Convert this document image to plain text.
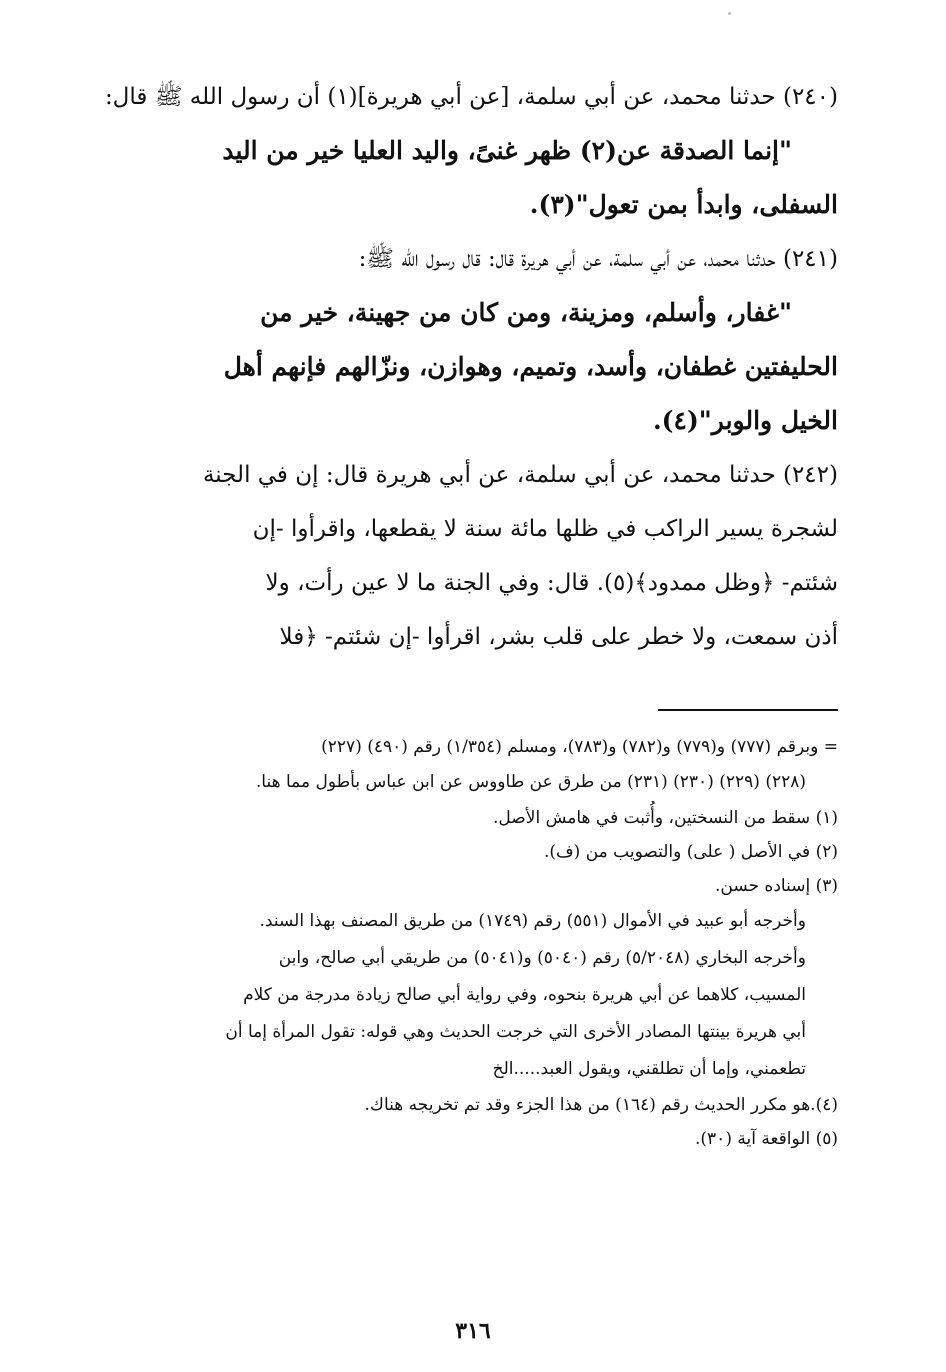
(٢٤٠) حدثنا محمد، عن أبي سلمة، [عن أبي هريرة](١) أن رسول الله ﷺ قال:
"إنما الصدقة عن(٢) ظهر غنىً، واليد العليا خير من اليد
السفلى، وابدأ بمن تعول"(٣).
(٢٤١) حدثنا محمد، عن أبي سلمة، عن أبي هريرة قال: قال رسول الله ﷺ:
"غفار، وأسلم، ومزينة، ومن كان من جهينة، خير من
الحليفتين غطفان، وأسد، وتميم، وهوازن، ونزّالهم فإنهم أهل
الخيل والوبر"(٤).
(٢٤٢) حدثنا محمد، عن أبي سلمة، عن أبي هريرة قال: إن في الجنة
لشجرة يسير الراكب في ظلها مائة سنة لا يقطعها، واقرأوا -إن
شئتم- ﴿وظل ممدود﴾(٥). قال: وفي الجنة ما لا عين رأت، ولا
أذن سمعت، ولا خطر على قلب بشر، اقرأوا -إن شئتم- ﴿فلا
= وبرقم (٧٧٧) و(٧٧٩) و(٧٨٢) و(٧٨٣)، ومسلم (١/٣٥٤) رقم (٤٩٠) (٢٢٧)
(٢٢٨) (٢٢٩) (٢٣٠) (٢٣١) من طرق عن طاووس عن ابن عباس بأطول مما هنا.
(١) سقط من النسختين، وأُثبت في هامش الأصل.
(٢) في الأصل ( على) والتصويب من (ف).
(٣) إسناده حسن.
وأخرجه أبو عبيد في الأموال (٥٥١) رقم (١٧٤٩) من طريق المصنف بهذا السند.
وأخرجه البخاري (٥/٢٠٤٨) رقم (٥٠٤٠) و(٥٠٤١) من طريقي أبي صالح، وابن
المسيب، كلاهما عن أبي هريرة بنحوه، وفي رواية أبي صالح زيادة مدرجة من كلام
أبي هريرة بينتها المصادر الأخرى التي خرجت الحديث وهي قوله: تقول المرأة إما أن
تطعمني، وإما أن تطلقني، ويقول العبد.....الخ
(٤).هو مكرر الحديث رقم (١٦٤) من هذا الجزء وقد تم تخريجه هناك.
(٥) الواقعة آية (٣٠).
٣١٦
